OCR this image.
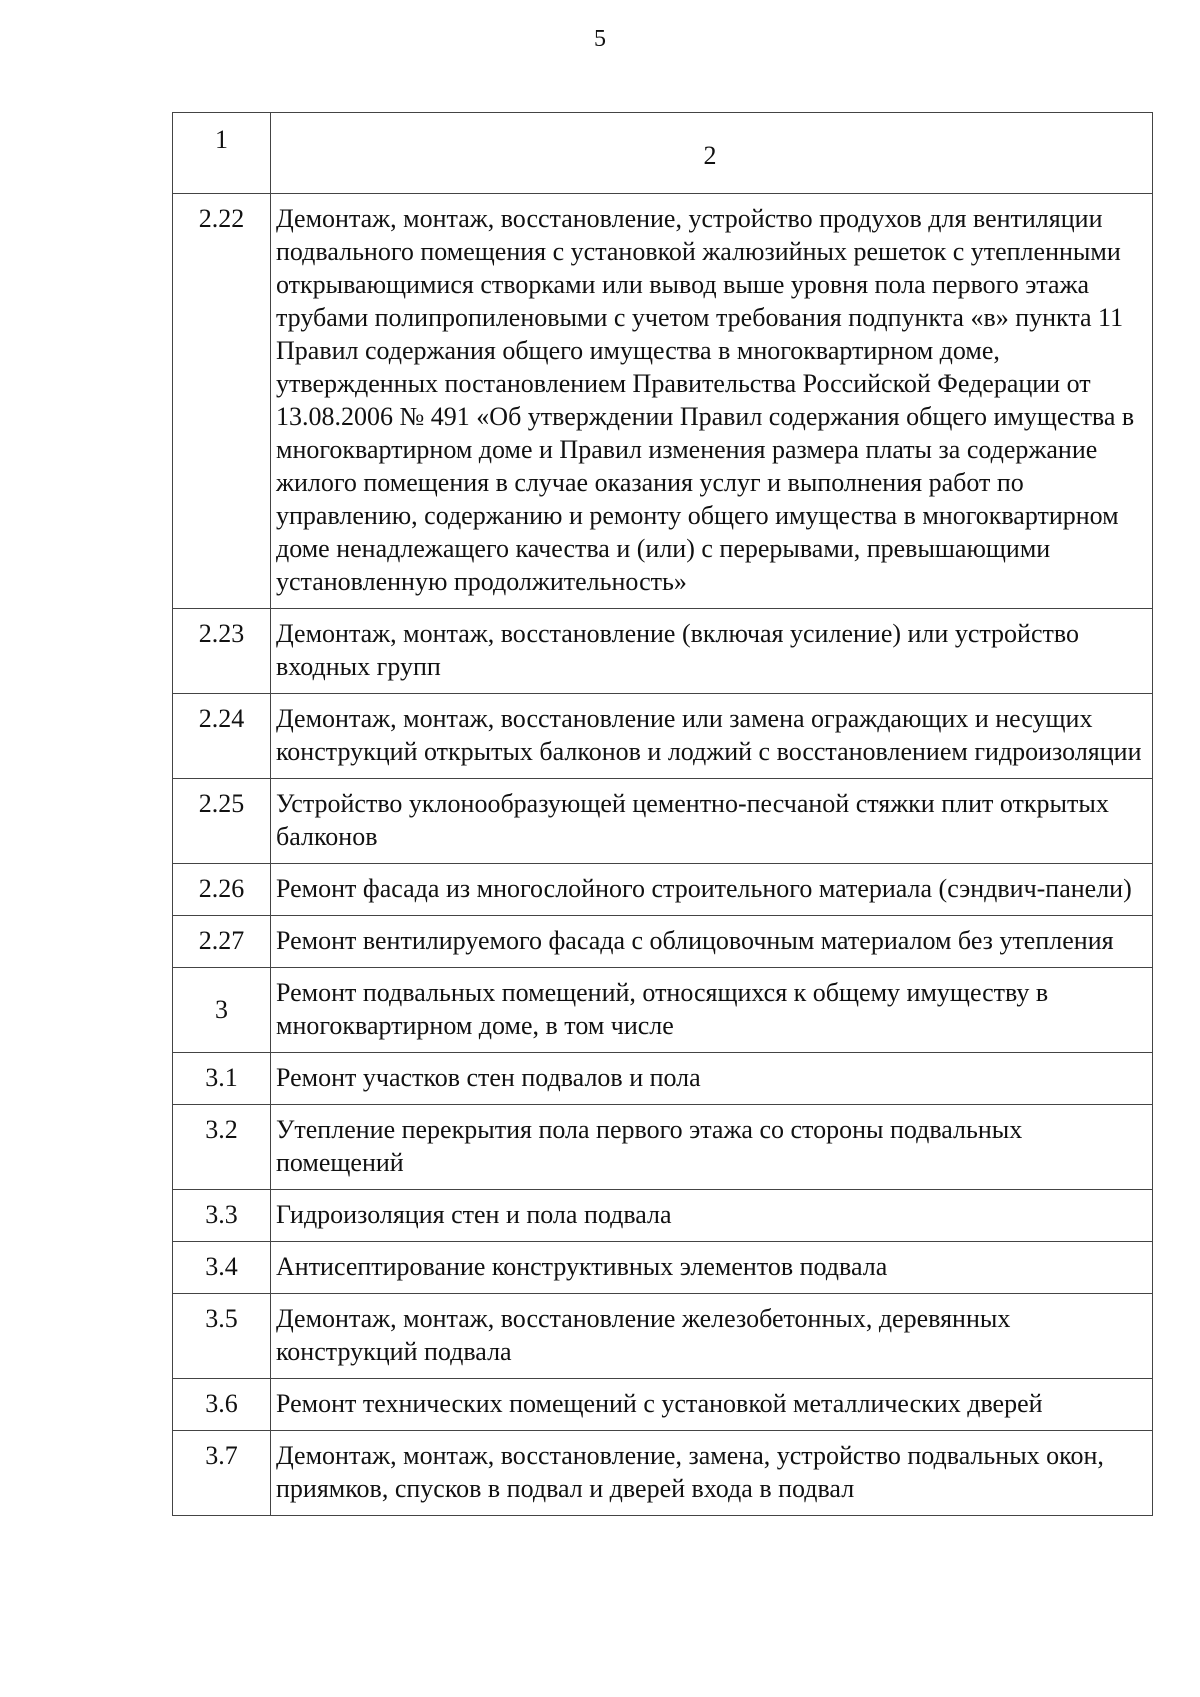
5
1	2
2.22	Демонтаж, монтаж, восстановление, устройство продухов для вентиляции подвального помещения с установкой жалюзийных решеток с утепленными открывающимися створками или вывод выше уровня пола первого этажа трубами полипропиленовыми с учетом требования подпункта «в» пункта 11 Правил содержания общего имущества в многоквартирном доме, утвержденных постановлением Правительства Российской Федерации от 13.08.2006 № 491 «Об утверждении Правил содержания общего имущества в многоквартирном доме и Правил изменения размера платы за содержание жилого помещения в случае оказания услуг и выполнения работ по управлению, содержанию и ремонту общего имущества в многоквартирном доме ненадлежащего качества и (или) с перерывами, превышающими установленную продолжительность»
2.23	Демонтаж, монтаж, восстановление (включая усиление) или устройство входных групп
2.24	Демонтаж, монтаж, восстановление или замена ограждающих и несущих конструкций открытых балконов и лоджий с восстановлением гидроизоляции
2.25	Устройство уклонообразующей цементно-песчаной стяжки плит открытых балконов
2.26	Ремонт фасада из многослойного строительного материала (сэндвич-панели)
2.27	Ремонт вентилируемого фасада с облицовочным материалом без утепления
3	Ремонт подвальных помещений, относящихся к общему имуществу в многоквартирном доме, в том числе
3.1	Ремонт участков стен подвалов и пола
3.2	Утепление перекрытия пола первого этажа со стороны подвальных помещений
3.3	Гидроизоляция стен и пола подвала
3.4	Антисептирование конструктивных элементов подвала
3.5	Демонтаж, монтаж, восстановление железобетонных, деревянных конструкций подвала
3.6	Ремонт технических помещений с установкой металлических дверей
3.7	Демонтаж, монтаж, восстановление, замена, устройство подвальных окон, приямков, спусков в подвал и дверей входа в подвал
